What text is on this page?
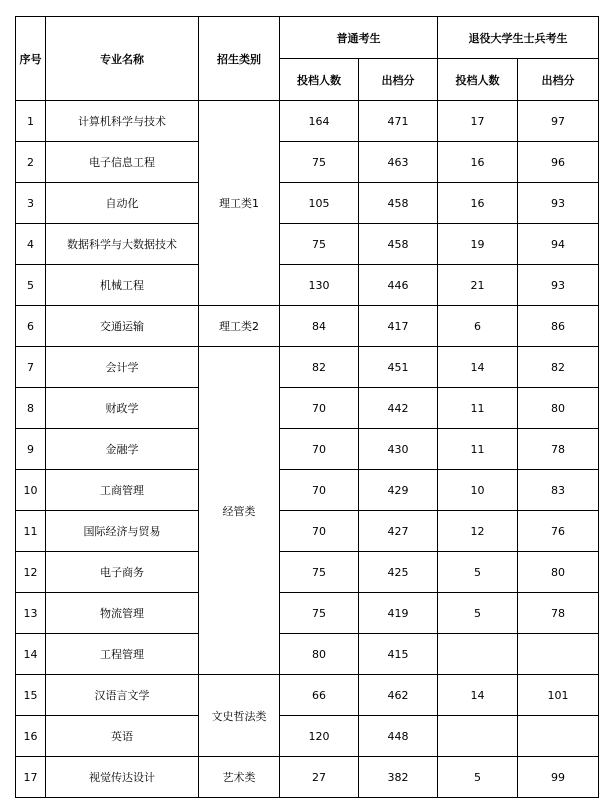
序号	专业名称	招生类别	普通考生		退役大学生士兵考生	
			投档人数	出档分	投档人数	出档分
1	计算机科学与技术	理工类1	164	471	17	97
2	电子信息工程		75	463	16	96
3	自动化		105	458	16	93
4	数据科学与大数据技术		75	458	19	94
5	机械工程		130	446	21	93
6	交通运输	理工类2	84	417	6	86
7	会计学	经管类	82	451	14	82
8	财政学		70	442	11	80
9	金融学		70	430	11	78
10	工商管理		70	429	10	83
11	国际经济与贸易		70	427	12	76
12	电子商务		75	425	5	80
13	物流管理		75	419	5	78
14	工程管理		80	415		
15	汉语言文学	文史哲法类	66	462	14	101
16	英语		120	448		
17	视觉传达设计	艺术类	27	382	5	99
